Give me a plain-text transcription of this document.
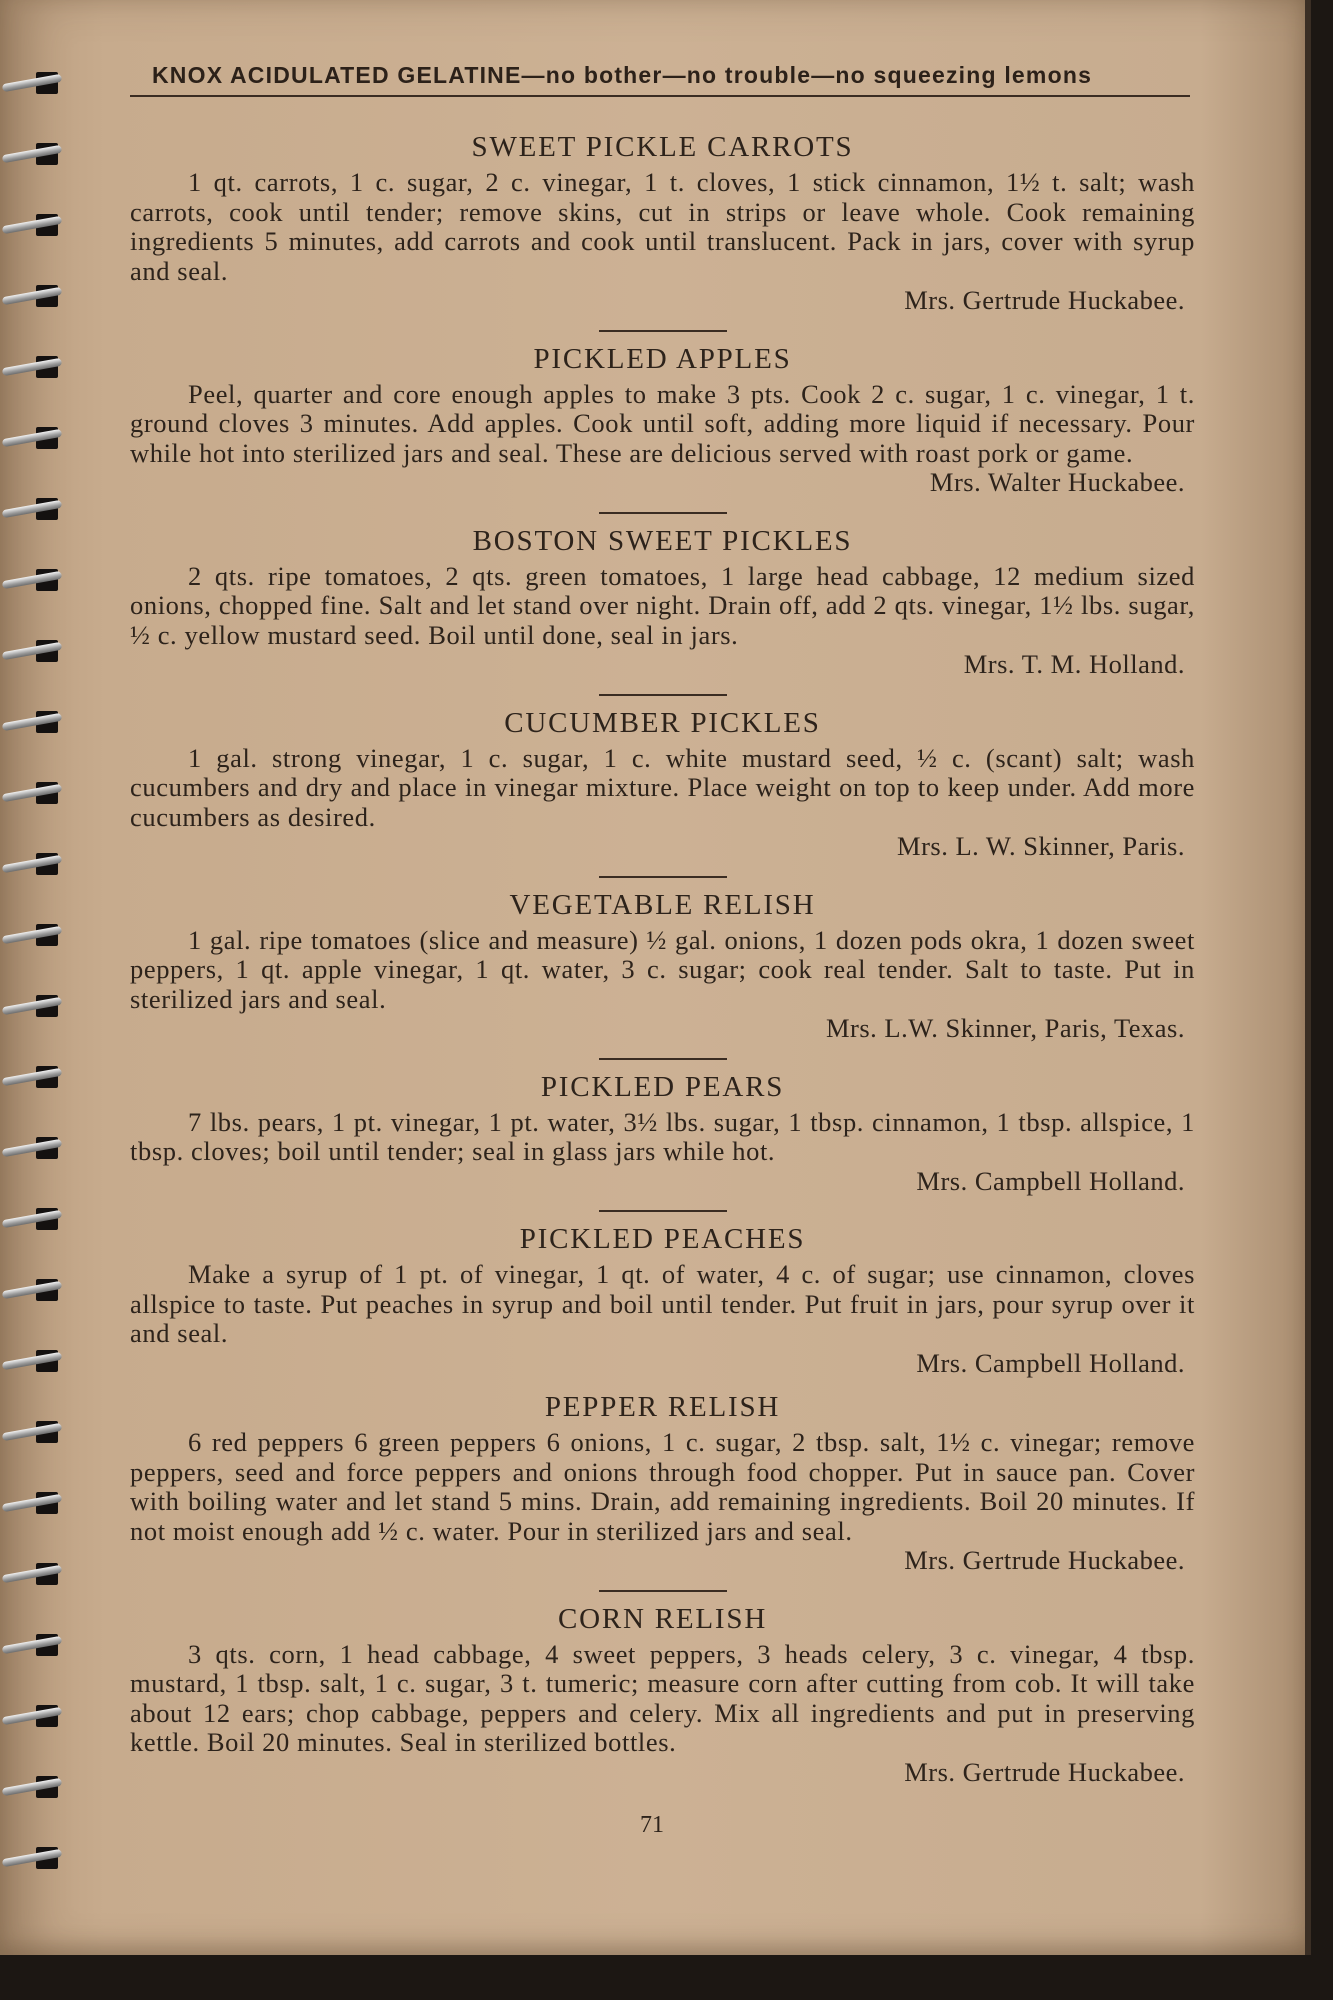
KNOX ACIDULATED GELATINE—no bother—no trouble—no squeezing lemons

SWEET PICKLE CARROTS

1 qt. carrots, 1 c. sugar, 2 c. vinegar, 1 t. cloves, 1 stick cinnamon, 1½ t. salt; wash carrots, cook until tender; remove skins, cut in strips or leave whole. Cook remaining ingredients 5 minutes, add carrots and cook until translucent. Pack in jars, cover with syrup and seal.

Mrs. Gertrude Huckabee.

PICKLED APPLES

Peel, quarter and core enough apples to make 3 pts. Cook 2 c. sugar, 1 c. vinegar, 1 t. ground cloves 3 minutes. Add apples. Cook until soft, adding more liquid if necessary. Pour while hot into sterilized jars and seal. These are delicious served with roast pork or game.

Mrs. Walter Huckabee.

BOSTON SWEET PICKLES

2 qts. ripe tomatoes, 2 qts. green tomatoes, 1 large head cabbage, 12 medium sized onions, chopped fine. Salt and let stand over night. Drain off, add 2 qts. vinegar, 1½ lbs. sugar, ½ c. yellow mustard seed. Boil until done, seal in jars.

Mrs. T. M. Holland.

CUCUMBER PICKLES

1 gal. strong vinegar, 1 c. sugar, 1 c. white mustard seed, ½ c. (scant) salt; wash cucumbers and dry and place in vinegar mixture. Place weight on top to keep under. Add more cucumbers as desired.

Mrs. L. W. Skinner, Paris.

VEGETABLE RELISH

1 gal. ripe tomatoes (slice and measure) ½ gal. onions, 1 dozen pods okra, 1 dozen sweet peppers, 1 qt. apple vinegar, 1 qt. water, 3 c. sugar; cook real tender. Salt to taste. Put in sterilized jars and seal.

Mrs. L.W. Skinner, Paris, Texas.

PICKLED PEARS

7 lbs. pears, 1 pt. vinegar, 1 pt. water, 3½ lbs. sugar, 1 tbsp. cinnamon, 1 tbsp. allspice, 1 tbsp. cloves; boil until tender; seal in glass jars while hot.

Mrs. Campbell Holland.

PICKLED PEACHES

Make a syrup of 1 pt. of vinegar, 1 qt. of water, 4 c. of sugar; use cinnamon, cloves allspice to taste. Put peaches in syrup and boil until tender. Put fruit in jars, pour syrup over it and seal.

Mrs. Campbell Holland.

PEPPER RELISH

6 red peppers 6 green peppers 6 onions, 1 c. sugar, 2 tbsp. salt, 1½ c. vinegar; remove peppers, seed and force peppers and onions through food chopper. Put in sauce pan. Cover with boiling water and let stand 5 mins. Drain, add remaining ingredients. Boil 20 minutes. If not moist enough add ½ c. water. Pour in sterilized jars and seal.

Mrs. Gertrude Huckabee.

CORN RELISH

3 qts. corn, 1 head cabbage, 4 sweet peppers, 3 heads celery, 3 c. vinegar, 4 tbsp. mustard, 1 tbsp. salt, 1 c. sugar, 3 t. tumeric; measure corn after cutting from cob. It will take about 12 ears; chop cabbage, peppers and celery. Mix all ingredients and put in preserving kettle. Boil 20 minutes. Seal in sterilized bottles.

Mrs. Gertrude Huckabee.

71
